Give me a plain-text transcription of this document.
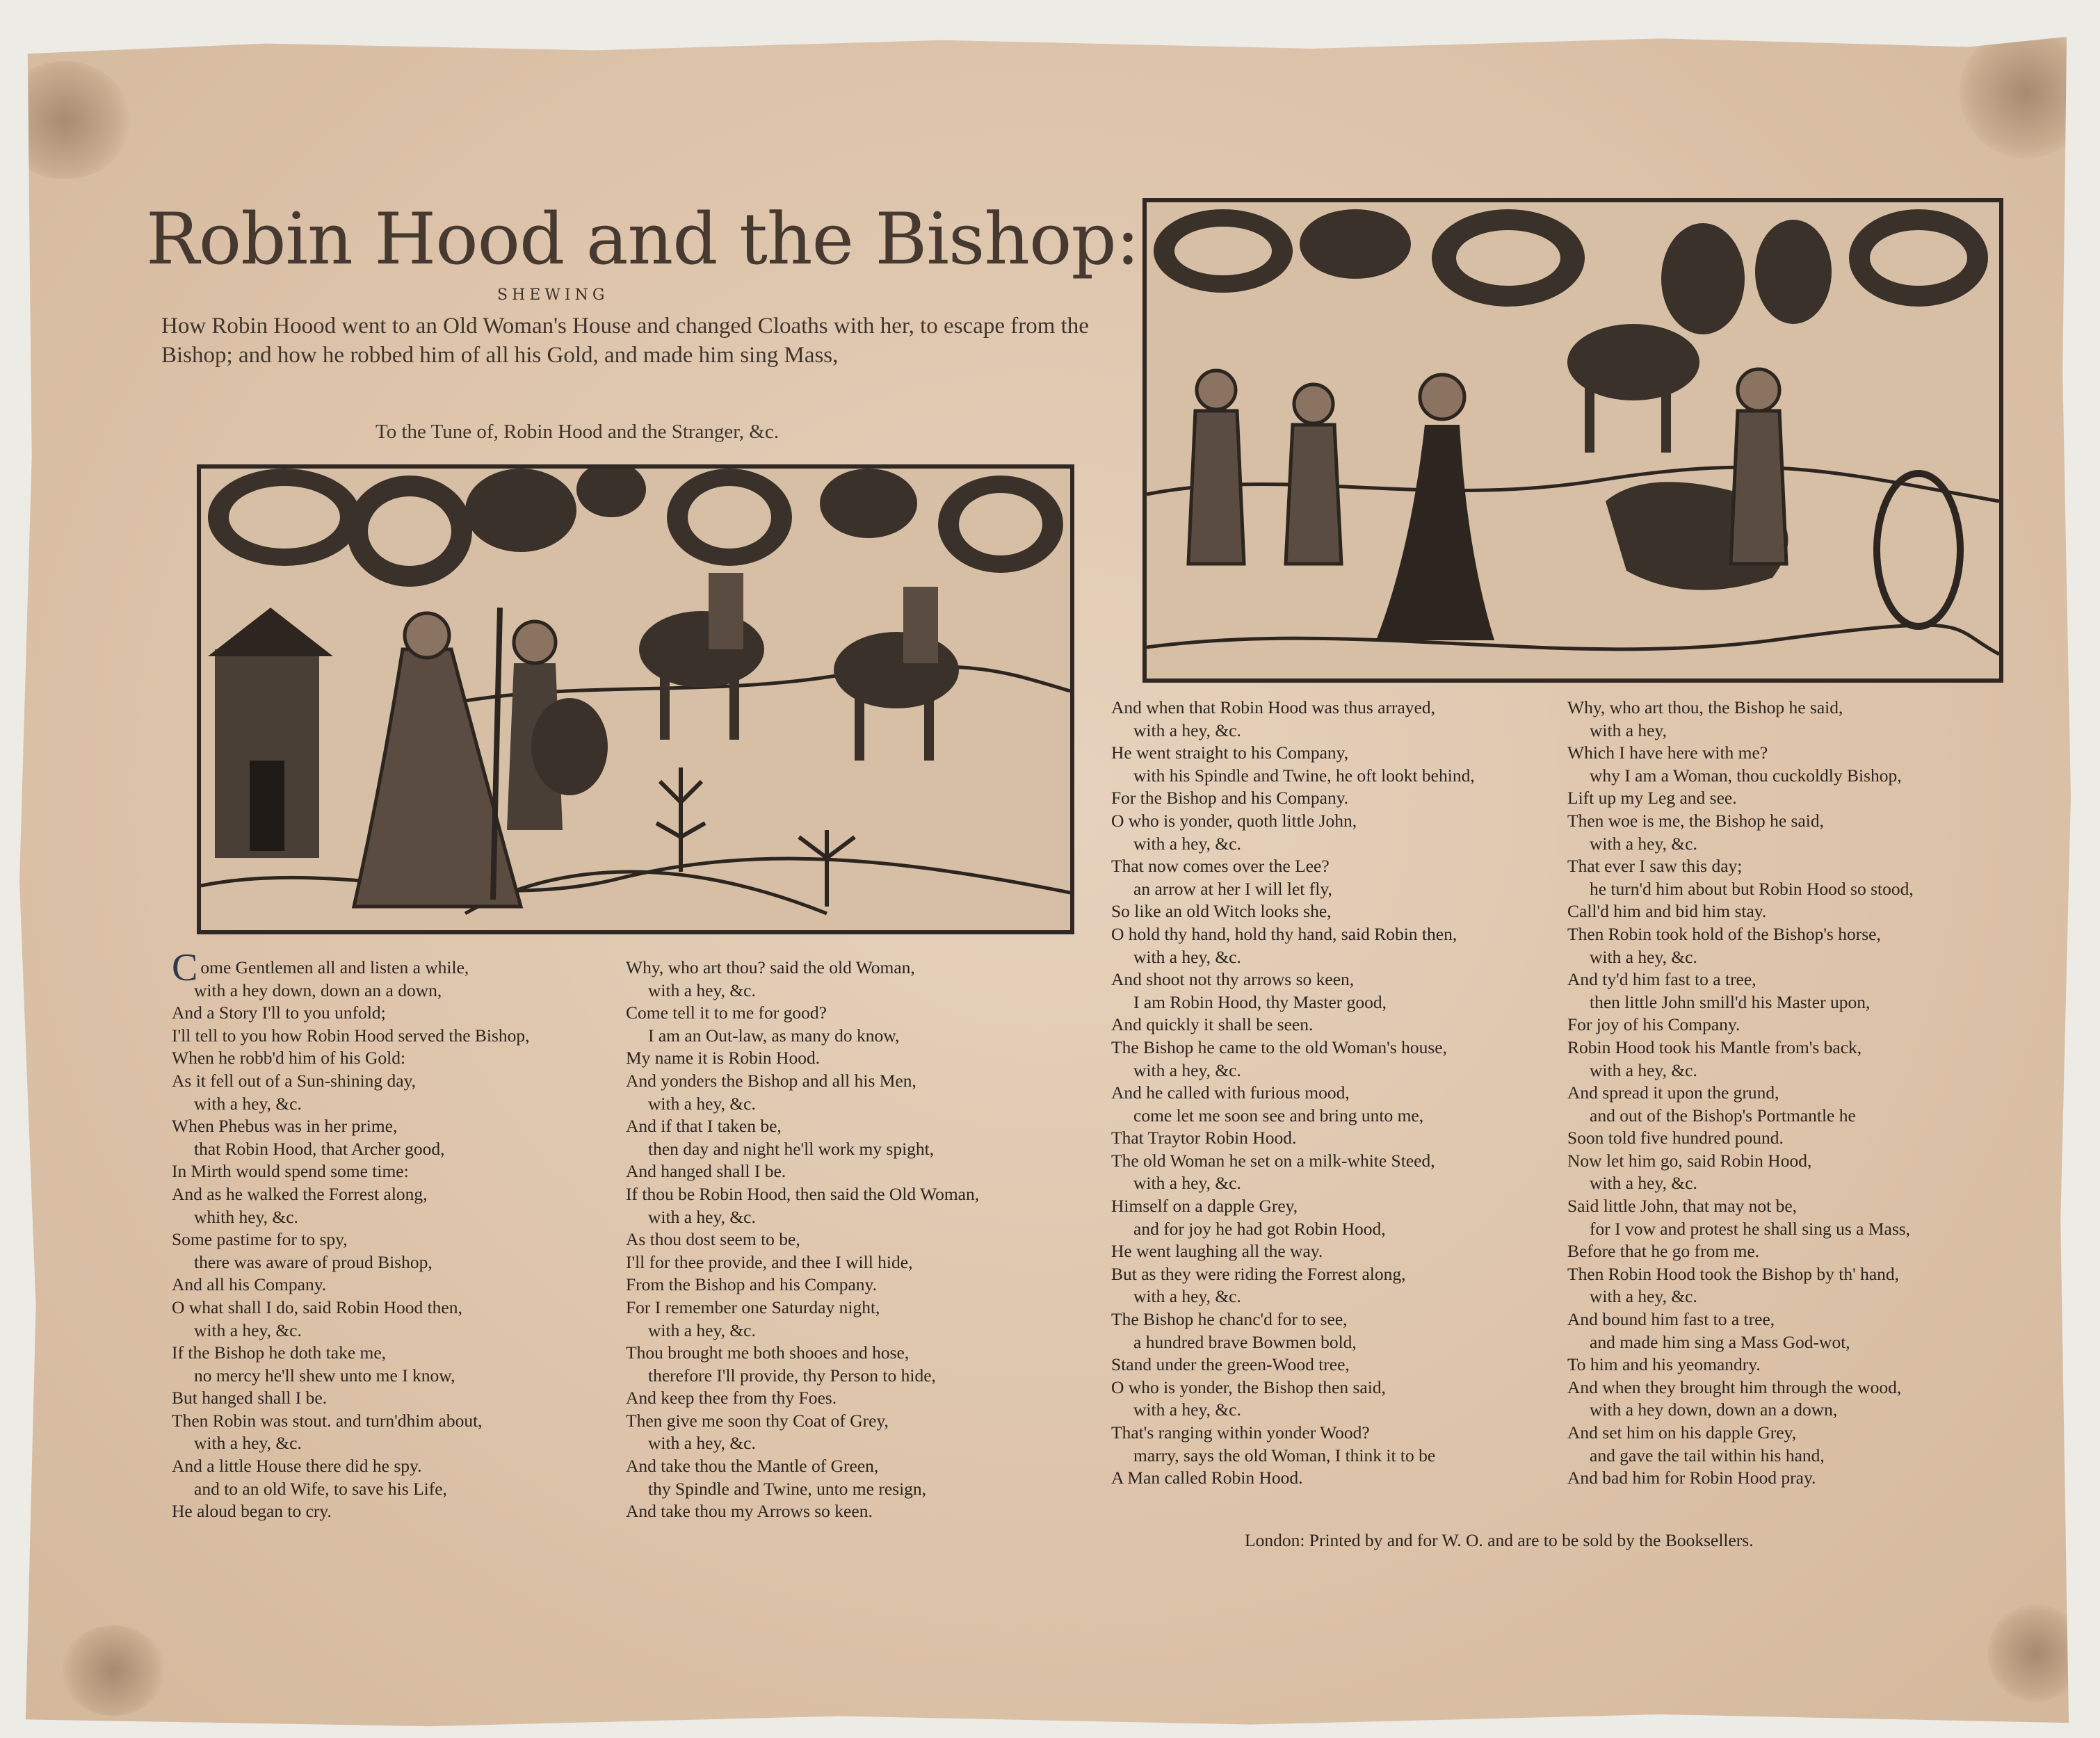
Robin Hood and the Bishop:
SHEWING
How Robin Hoood went to an Old Woman's House and changed Cloaths with her, to escape from the Bishop; and how he robbed him of all his Gold, and made him sing Mass,
To the Tune of, Robin Hood and the Stranger, &c.
Come Gentlemen all and listen a while,
with a hey down, down an a down,
And a Story I'll to you unfold;
I'll tell to you how Robin Hood served the Bishop,
When he robb'd him of his Gold:
As it fell out of a Sun-shining day,
with a hey, &c.
When Phebus was in her prime,
that Robin Hood, that Archer good,
In Mirth would spend some time:
And as he walked the Forrest along,
whith hey, &c.
Some pastime for to spy,
there was aware of proud Bishop,
And all his Company.
O what shall I do, said Robin Hood then,
with a hey, &c.
If the Bishop he doth take me,
no mercy he'll shew unto me I know,
But hanged shall I be.
Then Robin was stout. and turn'dhim about,
with a hey, &c.
And a little House there did he spy.
and to an old Wife, to save his Life,
He aloud began to cry.
Why, who art thou? said the old Woman,
with a hey, &c.
Come tell it to me for good?
I am an Out-law, as many do know,
My name it is Robin Hood.
And yonders the Bishop and all his Men,
with a hey, &c.
And if that I taken be,
then day and night he'll work my spight,
And hanged shall I be.
If thou be Robin Hood, then said the Old Woman,
with a hey, &c.
As thou dost seem to be,
I'll for thee provide, and thee I will hide,
From the Bishop and his Company.
For I remember one Saturday night,
with a hey, &c.
Thou brought me both shooes and hose,
therefore I'll provide, thy Person to hide,
And keep thee from thy Foes.
Then give me soon thy Coat of Grey,
with a hey, &c.
And take thou the Mantle of Green,
thy Spindle and Twine, unto me resign,
And take thou my Arrows so keen.
And when that Robin Hood was thus arrayed,
with a hey, &c.
He went straight to his Company,
with his Spindle and Twine, he oft lookt behind,
For the Bishop and his Company.
O who is yonder, quoth little John,
with a hey, &c.
That now comes over the Lee?
an arrow at her I will let fly,
So like an old Witch looks she,
O hold thy hand, hold thy hand, said Robin then,
with a hey, &c.
And shoot not thy arrows so keen,
I am Robin Hood, thy Master good,
And quickly it shall be seen.
The Bishop he came to the old Woman's house,
with a hey, &c.
And he called with furious mood,
come let me soon see and bring unto me,
That Traytor Robin Hood.
The old Woman he set on a milk-white Steed,
with a hey, &c.
Himself on a dapple Grey,
and for joy he had got Robin Hood,
He went laughing all the way.
But as they were riding the Forrest along,
with a hey, &c.
The Bishop he chanc'd for to see,
a hundred brave Bowmen bold,
Stand under the green-Wood tree,
O who is yonder, the Bishop then said,
with a hey, &c.
That's ranging within yonder Wood?
marry, says the old Woman, I think it to be
A Man called Robin Hood.
Why, who art thou, the Bishop he said,
with a hey,
Which I have here with me?
why I am a Woman, thou cuckoldly Bishop,
Lift up my Leg and see.
Then woe is me, the Bishop he said,
with a hey, &c.
That ever I saw this day;
he turn'd him about but Robin Hood so stood,
Call'd him and bid him stay.
Then Robin took hold of the Bishop's horse,
with a hey, &c.
And ty'd him fast to a tree,
then little John smill'd his Master upon,
For joy of his Company.
Robin Hood took his Mantle from's back,
with a hey, &c.
And spread it upon the grund,
and out of the Bishop's Portmantle he
Soon told five hundred pound.
Now let him go, said Robin Hood,
with a hey, &c.
Said little John, that may not be,
for I vow and protest he shall sing us a Mass,
Before that he go from me.
Then Robin Hood took the Bishop by th' hand,
with a hey, &c.
And bound him fast to a tree,
and made him sing a Mass God-wot,
To him and his yeomandry.
And when they brought him through the wood,
with a hey down, down an a down,
And set him on his dapple Grey,
and gave the tail within his hand,
And bad him for Robin Hood pray.
London: Printed by and for W. O. and are to be sold by the Booksellers.
